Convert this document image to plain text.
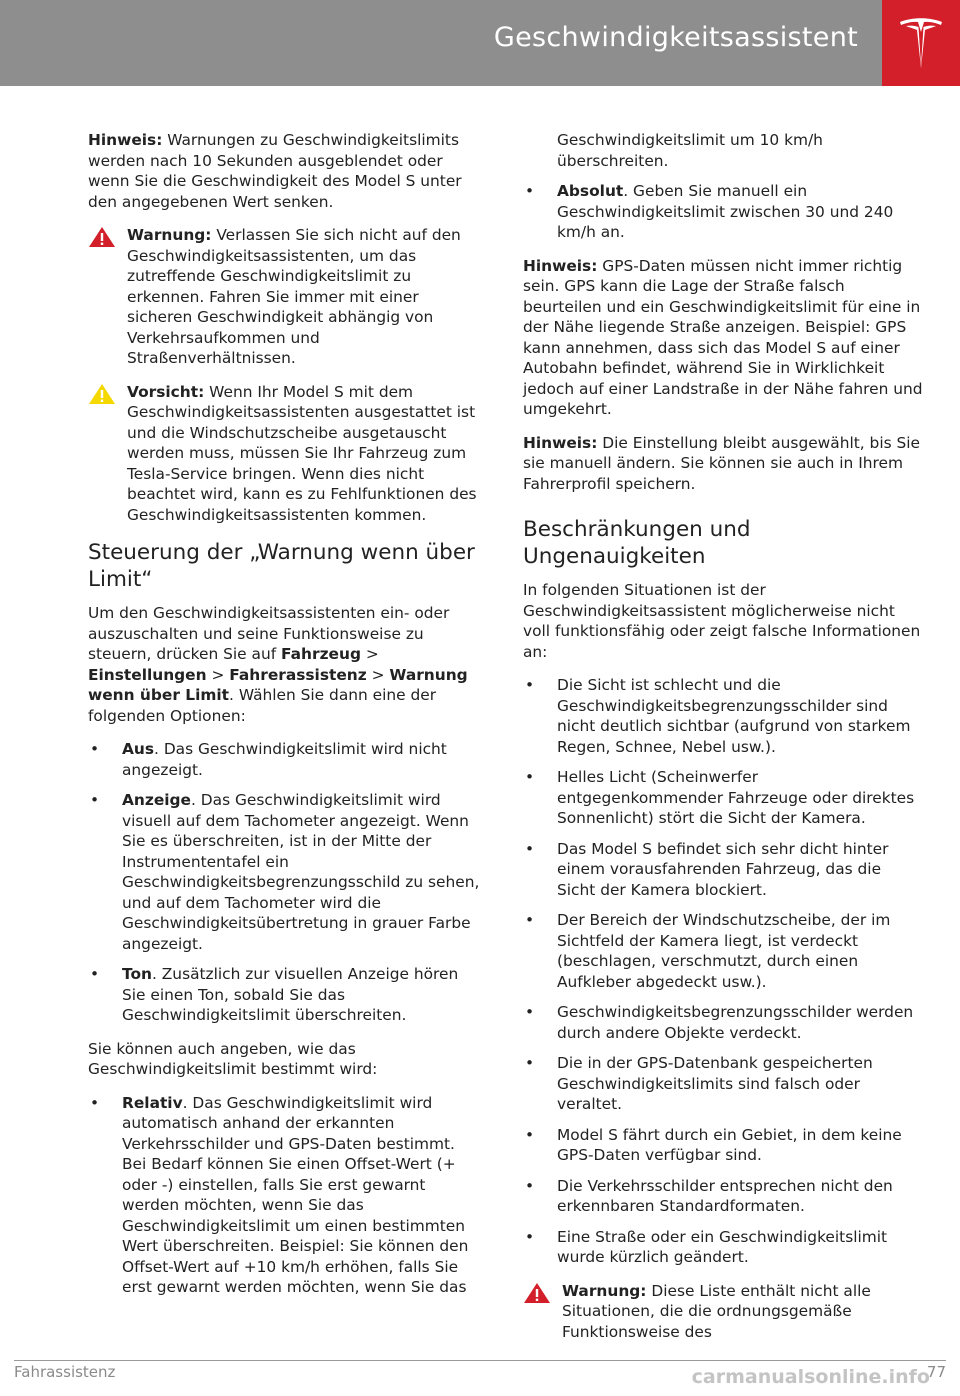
Geschwindigkeitsassistent

Hinweis: Warnungen zu Geschwindigkeitslimits werden nach 10 Sekunden ausgeblendet oder wenn Sie die Geschwindigkeit des Model S unter den angegebenen Wert senken.

Warnung: Verlassen Sie sich nicht auf den Geschwindigkeitsassistenten, um das zutreffende Geschwindigkeitslimit zu erkennen. Fahren Sie immer mit einer sicheren Geschwindigkeit abhängig von Verkehrsaufkommen und Straßenverhältnissen.
Vorsicht: Wenn Ihr Model S mit dem Geschwindigkeitsassistenten ausgestattet ist und die Windschutzscheibe ausgetauscht werden muss, müssen Sie Ihr Fahrzeug zum Tesla-Service bringen. Wenn dies nicht beachtet wird, kann es zu Fehlfunktionen des Geschwindigkeitsassistenten kommen.
Steuerung der „Warnung wenn über Limit“

Um den Geschwindigkeitsassistenten ein- oder auszuschalten und seine Funktionsweise zu steuern, drücken Sie auf Fahrzeug > Einstellungen > Fahrerassistenz > Warnung wenn über Limit. Wählen Sie dann eine der folgenden Optionen:

• Aus. Das Geschwindigkeitslimit wird nicht angezeigt.
• Anzeige. Das Geschwindigkeitslimit wird visuell auf dem Tachometer angezeigt. Wenn Sie es überschreiten, ist in der Mitte der Instrumententafel ein Geschwindigkeitsbegrenzungsschild zu sehen, und auf dem Tachometer wird die Geschwindigkeitsübertretung in grauer Farbe angezeigt.
• Ton. Zusätzlich zur visuellen Anzeige hören Sie einen Ton, sobald Sie das Geschwindigkeitslimit überschreiten.

Sie können auch angeben, wie das Geschwindigkeitslimit bestimmt wird:

• Relativ. Das Geschwindigkeitslimit wird automatisch anhand der erkannten Verkehrsschilder und GPS-Daten bestimmt. Bei Bedarf können Sie einen Offset-Wert (+ oder -) einstellen, falls Sie erst gewarnt werden möchten, wenn Sie das Geschwindigkeitslimit um einen bestimmten Wert überschreiten. Beispiel: Sie können den Offset-Wert auf +10 km/h erhöhen, falls Sie erst gewarnt werden möchten, wenn Sie das
Geschwindigkeitslimit um 10 km/h überschreiten.
• Absolut. Geben Sie manuell ein Geschwindigkeitslimit zwischen 30 und 240 km/h an.

Hinweis: GPS-Daten müssen nicht immer richtig sein. GPS kann die Lage der Straße falsch beurteilen und ein Geschwindigkeitslimit für eine in der Nähe liegende Straße anzeigen. Beispiel: GPS kann annehmen, dass sich das Model S auf einer Autobahn befindet, während Sie in Wirklichkeit jedoch auf einer Landstraße in der Nähe fahren und umgekehrt.

Hinweis: Die Einstellung bleibt ausgewählt, bis Sie sie manuell ändern. Sie können sie auch in Ihrem Fahrerprofil speichern.

Beschränkungen und Ungenauigkeiten

In folgenden Situationen ist der Geschwindigkeitsassistent möglicherweise nicht voll funktionsfähig oder zeigt falsche Informationen an:

• Die Sicht ist schlecht und die Geschwindigkeitsbegrenzungsschilder sind nicht deutlich sichtbar (aufgrund von starkem Regen, Schnee, Nebel usw.).
• Helles Licht (Scheinwerfer entgegenkommender Fahrzeuge oder direktes Sonnenlicht) stört die Sicht der Kamera.
• Das Model S befindet sich sehr dicht hinter einem vorausfahrenden Fahrzeug, das die Sicht der Kamera blockiert.
• Der Bereich der Windschutzscheibe, der im Sichtfeld der Kamera liegt, ist verdeckt (beschlagen, verschmutzt, durch einen Aufkleber abgedeckt usw.).
• Geschwindigkeitsbegrenzungsschilder werden durch andere Objekte verdeckt.
• Die in der GPS-Datenbank gespeicherten Geschwindigkeitslimits sind falsch oder veraltet.
• Model S fährt durch ein Gebiet, in dem keine GPS-Daten verfügbar sind.
• Die Verkehrsschilder entsprechen nicht den erkennbaren Standardformaten.
• Eine Straße oder ein Geschwindigkeitslimit wurde kürzlich geändert.
Warnung: Diese Liste enthält nicht alle Situationen, die die ordnungsgemäße Funktionsweise des
Fahrassistenz	77
carmanualsonline.info
